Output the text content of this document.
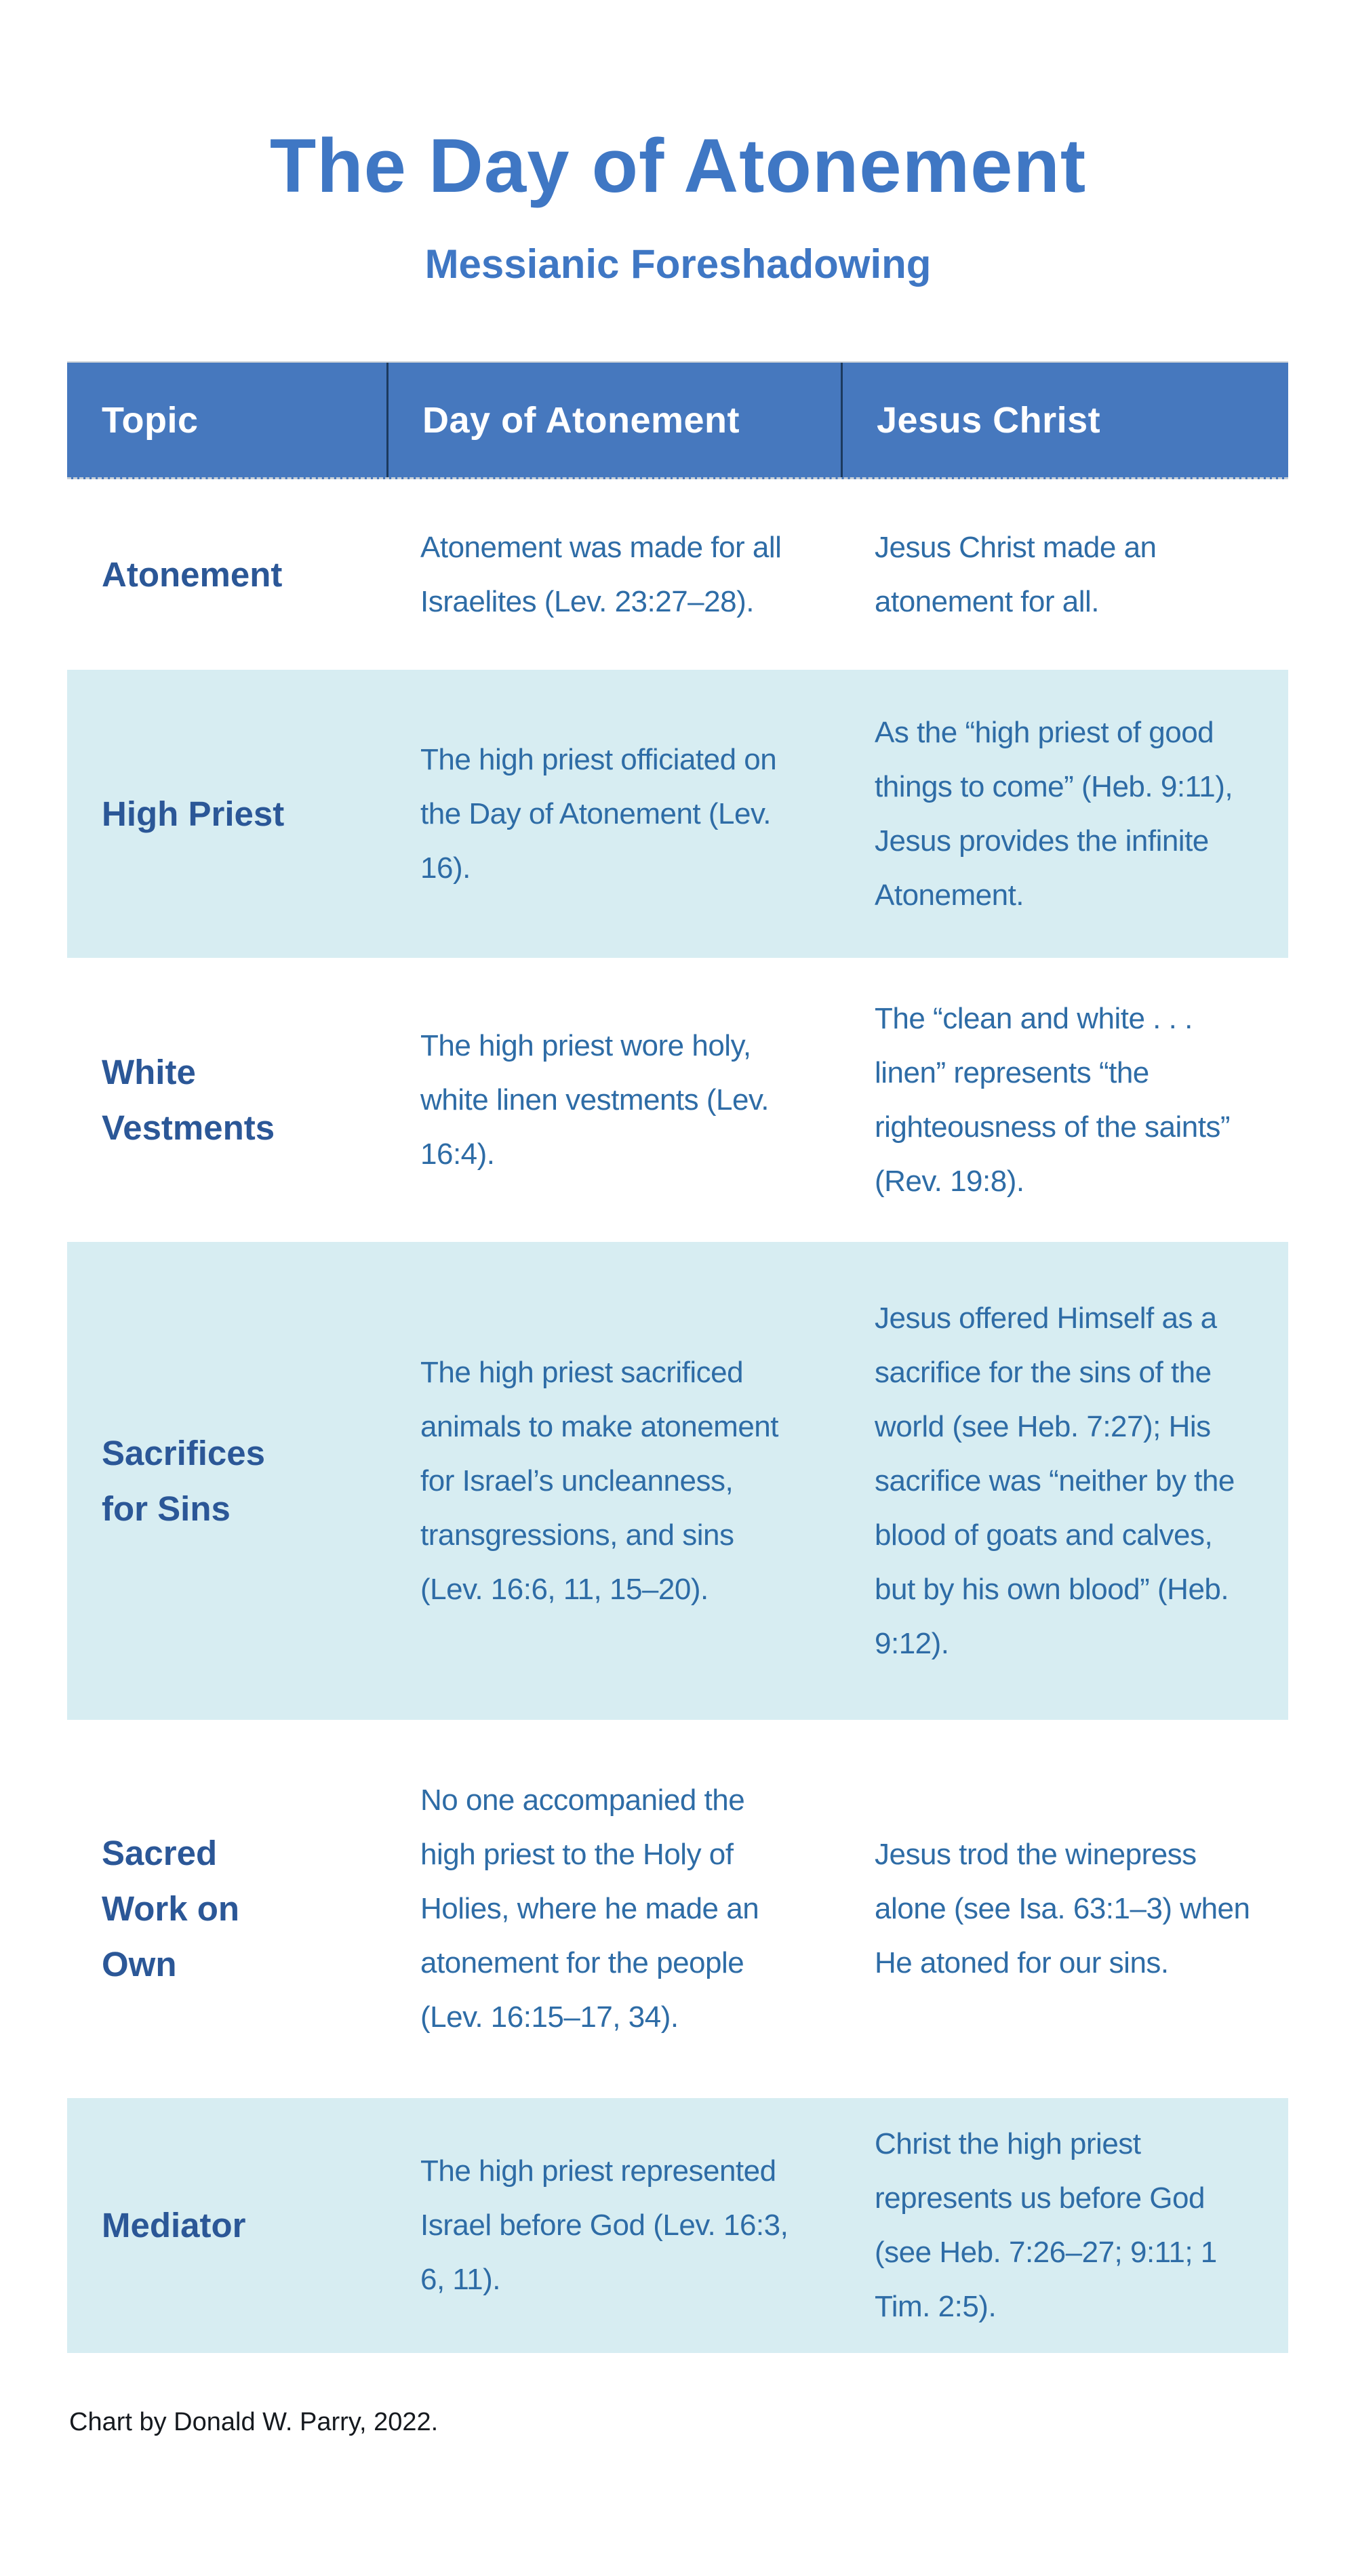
The Day of Atonement
Messianic Foreshadowing
Topic	Day of Atonement	Jesus Christ
Atonement
Atonement was made for all Israelites (Lev. 23:27–28).
Jesus Christ made an atonement for all.
High Priest
The high priest officiated on the Day of Atonement (Lev. 16).
As the “high priest of good things to come” (Heb. 9:11), Jesus provides the infinite Atonement.
White Vestments
The high priest wore holy, white linen vestments (Lev. 16:4).
The “clean and white . . . linen” represents “the righteousness of the saints” (Rev. 19:8).
Sacrifices for Sins
The high priest sacrificed animals to make atonement for Israel’s uncleanness, transgressions, and sins (Lev. 16:6, 11, 15–20).
Jesus offered Himself as a sacrifice for the sins of the world (see Heb. 7:27); His sacrifice was “neither by the blood of goats and calves, but by his own blood” (Heb. 9:12).
Sacred Work on Own
No one accompanied the high priest to the Holy of Holies, where he made an atonement for the people (Lev. 16:15–17, 34).
Jesus trod the winepress alone (see Isa. 63:1–3) when He atoned for our sins.
Mediator
The high priest represented Israel before God (Lev. 16:3, 6, 11).
Christ the high priest represents us before God (see Heb. 7:26–27; 9:11; 1 Tim. 2:5).
Chart by Donald W. Parry, 2022.
